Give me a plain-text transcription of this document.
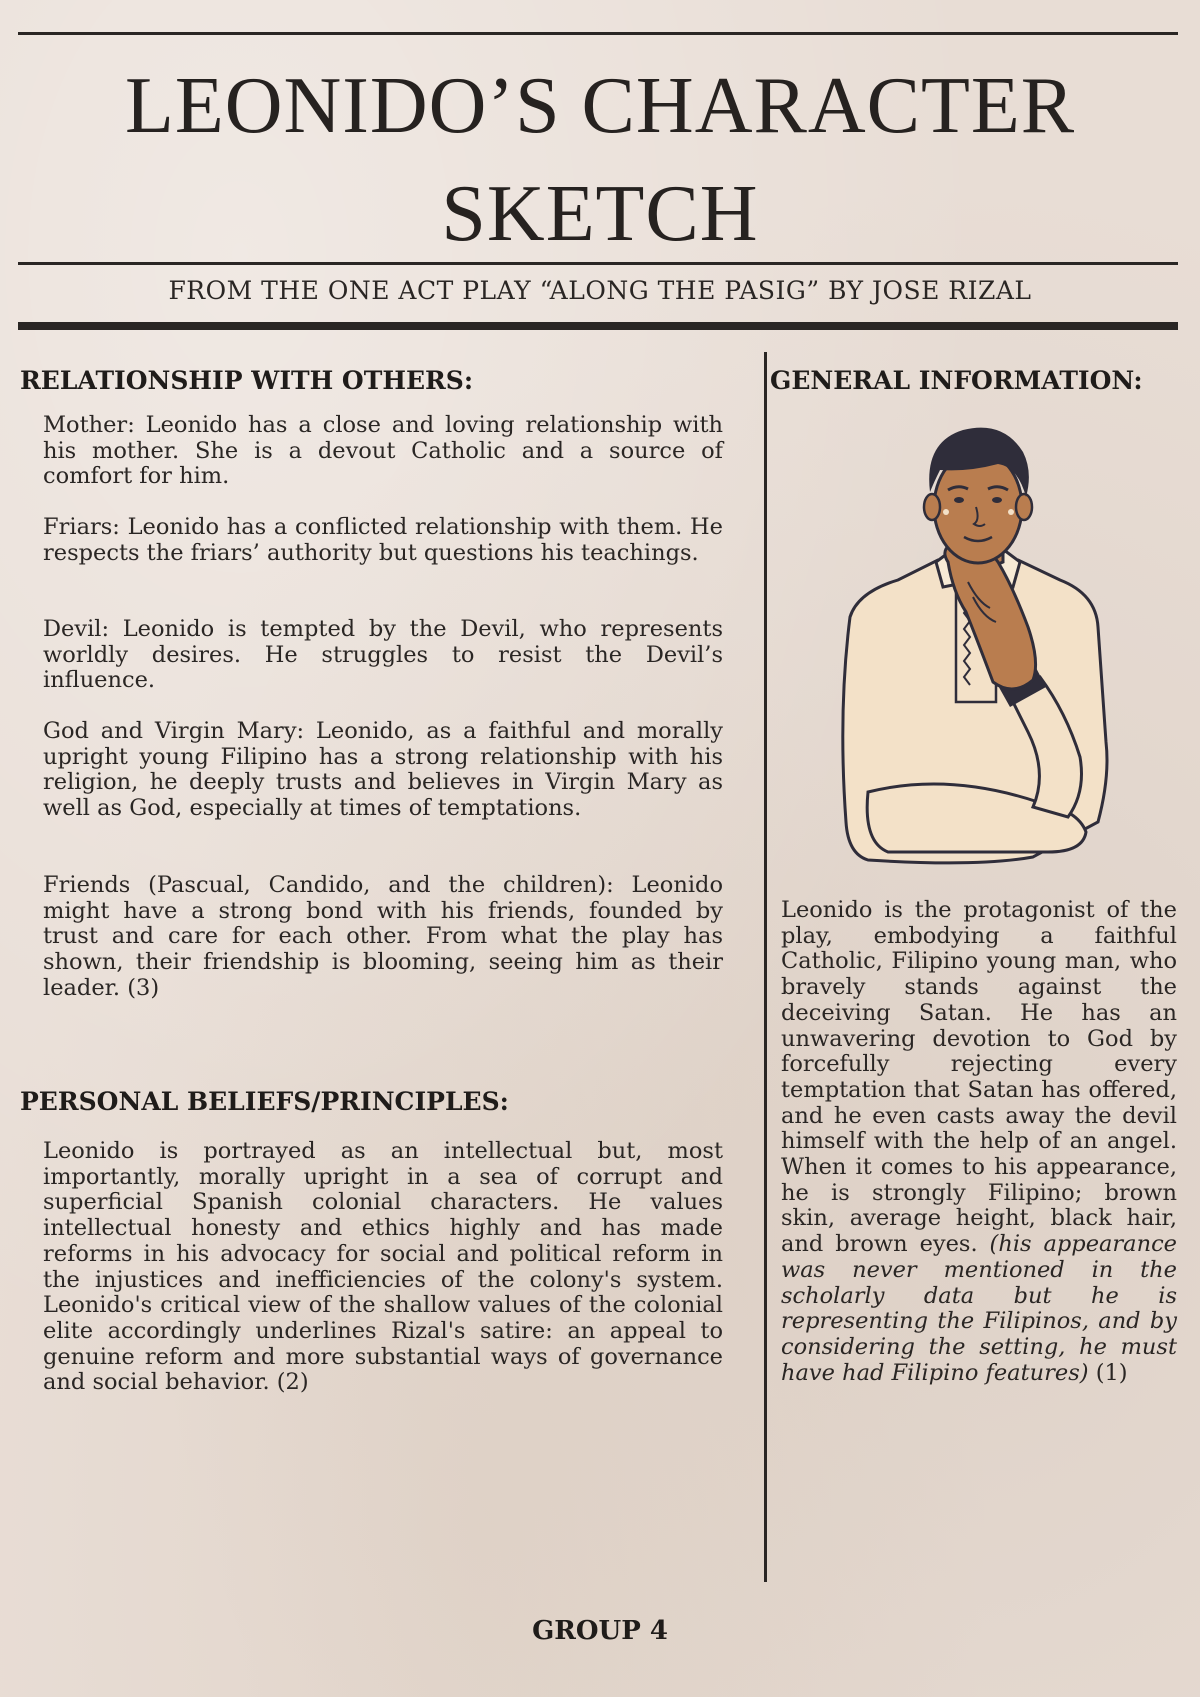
LEONIDO’S CHARACTER
SKETCH
FROM THE ONE ACT PLAY “ALONG THE PASIG” BY JOSE RIZAL
RELATIONSHIP WITH OTHERS:

Mother: Leonido has a close and loving relationship with his mother. She is a devout Catholic and a source of comfort for him.

Friars: Leonido has a conflicted relationship with them. He respects the friars’ authority but questions his teachings.

Devil: Leonido is tempted by the Devil, who represents worldly desires. He struggles to resist the Devil’s influence.

God and Virgin Mary: Leonido, as a faithful and morally upright young Filipino has a strong relationship with his religion, he deeply trusts and believes in Virgin Mary as well as God, especially at times of temptations.

Friends (Pascual, Candido, and the children): Leonido might have a strong bond with his friends, founded by trust and care for each other. From what the play has shown, their friendship is blooming, seeing him as their leader. (3)

PERSONAL BELIEFS/PRINCIPLES:

Leonido is portrayed as an intellectual but, most importantly, morally upright in a sea of corrupt and superficial Spanish colonial characters. He values intellectual honesty and ethics highly and has made reforms in his advocacy for social and political reform in the injustices and inefficiencies of the colony's system. Leonido's critical view of the shallow values of the colonial elite accordingly underlines Rizal's satire: an appeal to genuine reform and more substantial ways of governance and social behavior. (2)

GENERAL INFORMATION:

Leonido is the protagonist of the play, embodying a faithful Catholic, Filipino young man, who bravely stands against the deceiving Satan. He has an unwavering devotion to God by forcefully rejecting every temptation that Satan has offered, and he even casts away the devil himself with the help of an angel. When it comes to his appearance, he is strongly Filipino; brown skin, average height, black hair, and brown eyes. (his appearance was never mentioned in the scholarly data but he is representing the Filipinos, and by considering the setting, he must have had Filipino features) (1)

GROUP 4
